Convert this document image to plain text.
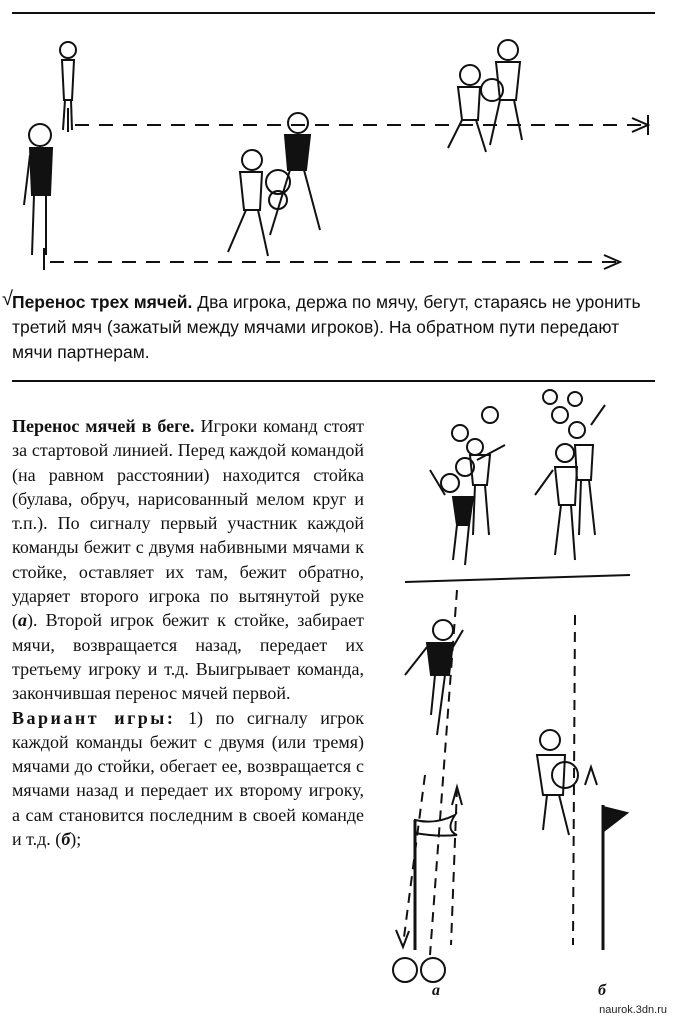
√ Перенос трех мячей. Два игрока, держа по мячу, бегут, стараясь не уронить третий мяч (зажатый между мячами игроков). На обратном пути передают мячи партнерам.
Перенос мячей в беге. Игроки команд стоят за стартовой линией. Перед каждой командой (на равном расстоянии) находится стойка (булава, обруч, нарисованный мелом круг и т.п.). По сигналу первый участник каждой команды бежит с двумя набивными мячами к стойке, оставляет их там, бежит обратно, ударяет второго игрока по вытянутой руке (а). Второй игрок бежит к стойке, забирает мячи, возвращается назад, передает их третьему игроку и т.д. Выигрывает команда, закончившая перенос мячей первой.
Вариант игры: 1) по сигналу игрок каждой команды бежит с двумя (или тремя) мячами до стойки, обегает ее, возвращается с мячами назад и передает их второму игроку, а сам становится последним в своей команде и т.д. (б);
а	б
naurok.3dn.ru
